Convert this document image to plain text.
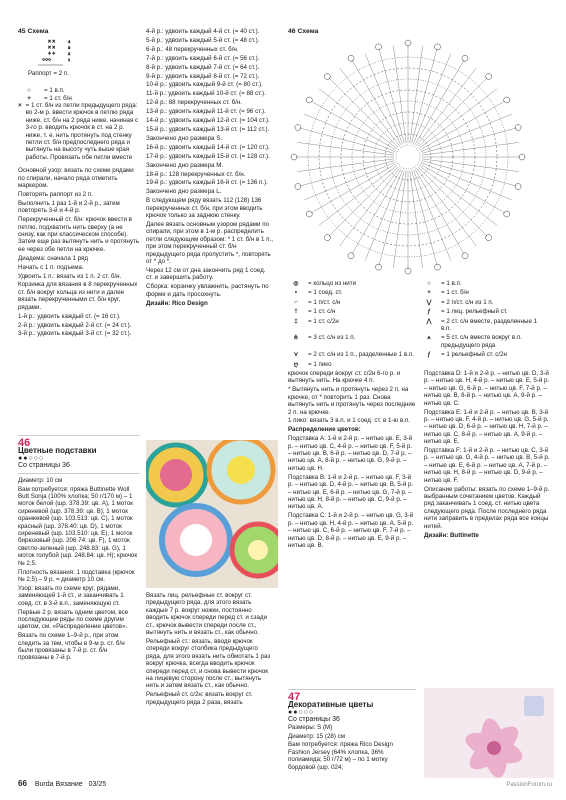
45 Схема
× ×
× ×
+ +
○○○
4
3
2
1

Раппорт = 2 п.

○	= 1 в.п.
+	= 1 ст. б/н
× = 1 ст. б/н из петли предыдущего ряда: во 2-м р. ввести крючок в петлю ряда ниже, ст. б/н на 2 ряда ниже, начиная с 3-го р. вводить крючок в ст. на 2 р. ниже, т. е. нить протянуть под стенку петли ст. б/н предпоследнего ряда и вытянуть на высоту чуть выше края работы. Провязать обе петли вместе

Основной узор: вязать по схеме рядами по спирали, начало ряда отметить маркером.

Повторять раппорт из 2 п.

Выполнить 1 раз 1-й и 2-й р., затем повторять 3-й и 4-й р.

Перекрученный ст. б/н: крючок ввести в петлю, подхватить нить сверху (а не снизу, как при классическом способе). Затем еще раз вытянуть нить и протянуть ее через обе петли на крючке.

Диадема: сначала 1 ряд

Начать с 1 п. подъема.

Удвоить 1 п.: вязать из 1 п. 2 ст. б/н.

Корзинка для вязания в 8 перекрученных ст. б/н вокруг кольца из нити и далее вязать перекрученными ст. б/н круг, рядами.

1-й р.: удвоить каждый ст. (= 16 ст.).

2-й р.: удвоить каждый 2-й ст. (= 24 ст.).

3-й р.: удвоить каждый 3-й ст. (= 32 ст.).

46
Цветные подставки
●●○○○
Со страницы 36

Диаметр: 10 см

Вам потребуется: пряжа Buttinette Woll Butt Sonja (100% хлопка; 50 г/170 м) – 1 моток белой (шр. 378.39: цв. А), 1 моток сиреневой (шр. 378.39: цв. В), 1 моток оранжевой (шр. 103.513: цв. С), 1 моток красный (шр. 378.40: цв. D), 1 моток сиреневый (шр. 103.510: цв. E), 1 моток бирюзовый (шр. 206.74: цв. F), 1 моток светло-зеленый (шр. 248.83: цв. G), 1 моток голубой (шр. 248.84: цв. Н); крючок № 2,5.

Плотность вязания: 1 подставка (крючок № 2,5) – 9 р. = диаметр 10 см.

Узор: вязать по схеме круг, рядами, заменяющей 1-й ст., и заканчивать 1 соед. ст. в 3-й в.п., заменяющую ст.

Первые 2 р. вязать одним цветом, все последующие ряды по схеме другим цветом, см. «Распределение цветов».

Вязать по схеме 1–9-й р., при этом следить за тем, чтобы в 9-м р. ст. б/н были провязаны в 7-й р. ст. б/н провязаны в 7-й р.

4-й р.: удвоить каждый 4-й ст. (= 40 ст.).

5-й р.: удвоить каждый 5-й ст. (= 48 ст.).

6-й р.: 48 перекрученных ст. б/н.

7-й р.: удвоить каждый 6-й ст. (= 56 ст.).

8-й р.: удвоить каждый 7-й ст. (= 64 ст.).

9-й р.: удвоить каждый 8-й ст. (= 72 ст.).

10-й р.: удвоить каждый 9-й ст. (= 80 ст.).

11-й р.: удвоить каждый 10-й ст. (= 88 ст.).

12-й р.: 88 перекрученных ст. б/н.

13-й р.: удвоить каждый 11-й ст. (= 96 ст.).

14-й р.: удвоить каждый 12-й ст. (= 104 ст.).

15-й р.: удвоить каждый 13-й ст. (= 112 ст.).

Закончено дно размера S.

16-й р.: удвоить каждый 14-й ст. (= 120 ст.).

17-й р.: удвоить каждый 15-й ст. (= 128 ст.).

Закончено дно размера M.

18-й р.: 128 перекрученных ст. б/н.

19-й р.: удвоить каждый 16-й ст. (= 136 п.).

Закончено дно размера L.

В следующем ряду вязать 112 (128) 136 перекрученных ст. б/н, при этом вводить крючок только за заднюю стенку.

Далее вязать основным узором рядами по спирали, при этом в 1-м р. распределить петли следующим образом: * 1 ст. б/н в 1 п., при этом перекрученный ст. б/н предыдущего ряда пропустить *, повторять от * до *.

Через 12 см от дна закончить ряд 1 соед. ст. и завершить работу.

Сборка: корзинку увлажнить, растянуть по форме и дать просохнуть.

Дизайн: Rico Design

Вязать лиц. рельефные ст. вокруг ст. предыдущего ряда, для этого вязать каждые 7 р. вокруг ножки, постоянно вводить крючок спереди перед ст. и сзади ст., крючок вывести спереди после ст., вытянуть нить и вязать ст., как обычно.

Рельефный ст.: вязать, вводя крючок спереди вокруг столбика предыдущего ряда, для этого вязать нить обмотать 1 раз вокруг крючка, всегда вводить крючок спереди перед ст. и снова вывести крючок на лицевую сторону после ст., вытянуть нить и затем вязать ст., как обычно.

Рельефный ст. с/2н: вязать вокруг ст. предыдущего ряда 2 раза, вязать

46 Схема
◎	= кольцо из нити	○	= 1 в.п.
•	= 1 соед. ст.	+	= 1 ст. б/н
⌐	= 1 п/ст. с/н	⋁	= 2 п/ст. с/н из 1 п.
†	= 1 ст. с/н	ƒ	= 1 лиц. рельефный ст.
‡	= 1 ст. с/2н	⋀	= 2 ст. с/н вместе, разделенные 1 в.п.
⋔	= 3 ст. с/н из 1 п.	⩚	= 5 ст. с/н вместе вокруг в.п. предыдущего ряда
⋎	= 2 ст. с/н из 1 п., разделенные 1 в.п.	ƒ	= 1 рельефный ст. с/2н
ღ	= 1 пико

крючок спереди вокруг ст. с/2н 6-го р. и вытянуть нить. На крючке 4 п.

* Вытянуть нить и протянуть через 2 п. на крючке, от * повторить 1 раз. Снова вытянуть нить и протянуть через последние 2 п. на крючке.

1 пико: вязать 3 в.п. и 1 соед. ст. в 1-ю в.п.

Распределение цветов:

Подставка А: 1-й и 2-й р. – нитью цв. Е, 3-й р. – нитью цв. С, 4-й р. – нитью цв. F, 5-й р. – нитью цв. B, 6-й р. – нитью цв. D, 7-й р. – нитью цв. А, 8-й р. – нитью цв. G, 9-й р. – нитью цв. H.

Подставка В: 1-й и 2-й р. – нитью цв. F, 3-й р. – нитью цв. D, 4-й р. – нитью цв. B, 5-й р. – нитью цв. Е, 6-й р. – нитью цв. G, 7-й р. – нитью цв. H, 8-й р. – нитью цв. С, 9-й р. – нитью цв. А.

Подставка С: 1-й и 2-й р. – нитью цв. G, 3-й р. – нитью цв. H, 4-й р. – нитью цв. А, 5-й р. – нитью цв. C, 6-й р. – нитью цв. F, 7-й р. – нитью цв. D, 8-й р. – нитью цв. E, 9-й р. – нитью цв. B.

Подставка D: 1-й и 2-й р. – нитью цв. D, 3-й р. – нитью цв. H, 4-й р. – нитью цв. E, 5-й р. – нитью цв. G, 6-й р. – нитью цв. F, 7-й р. – нитью цв. В, 8-й р. – нитью цв. A, 9-й р. – нитью цв. С.

Подставка E: 1-й и 2-й р. – нитью цв. B, 3-й р. – нитью цв. F, 4-й р. – нитью цв. G, 5-й р. – нитью цв. D, 6-й р. – нитью цв. H, 7-й р. – нитью цв. C, 8-й р. – нитью цв. A, 9-й р. – нитью цв. E.

Подставка F: 1-й и 2-й р. – нитью цв. C, 3-й р. – нитью цв. G, 4-й р. – нитью цв. B, 5-й р. – нитью цв. E, 6-й р. – нитью цв. A, 7-й р. – нитью цв. H, 8-й р. – нитью цв. D, 9-й р. – нитью цв. F.

Описание работы: вязать по схеме 1–9-й р. выбранным сочетанием цветов. Каждый ряд заканчивать 1 соед. ст. нитью цвета следующего ряда. После последнего ряда нити заправить в пределах ряда все концы нитей.

Дизайн: Buttinette

47
Декоративные цветы
●●○○○
Со страницы 36

Размеры: S (M)

Диаметр: 15 (28) см

Вам потребуется: пряжа Rico Design Fashion Jersey (64% хлопка, 36% полиамида; 50 г/72 м) – по 1 мотку бордовой (шр. 024;

66 Burda Вязание 03/25	PassionForum.ru
